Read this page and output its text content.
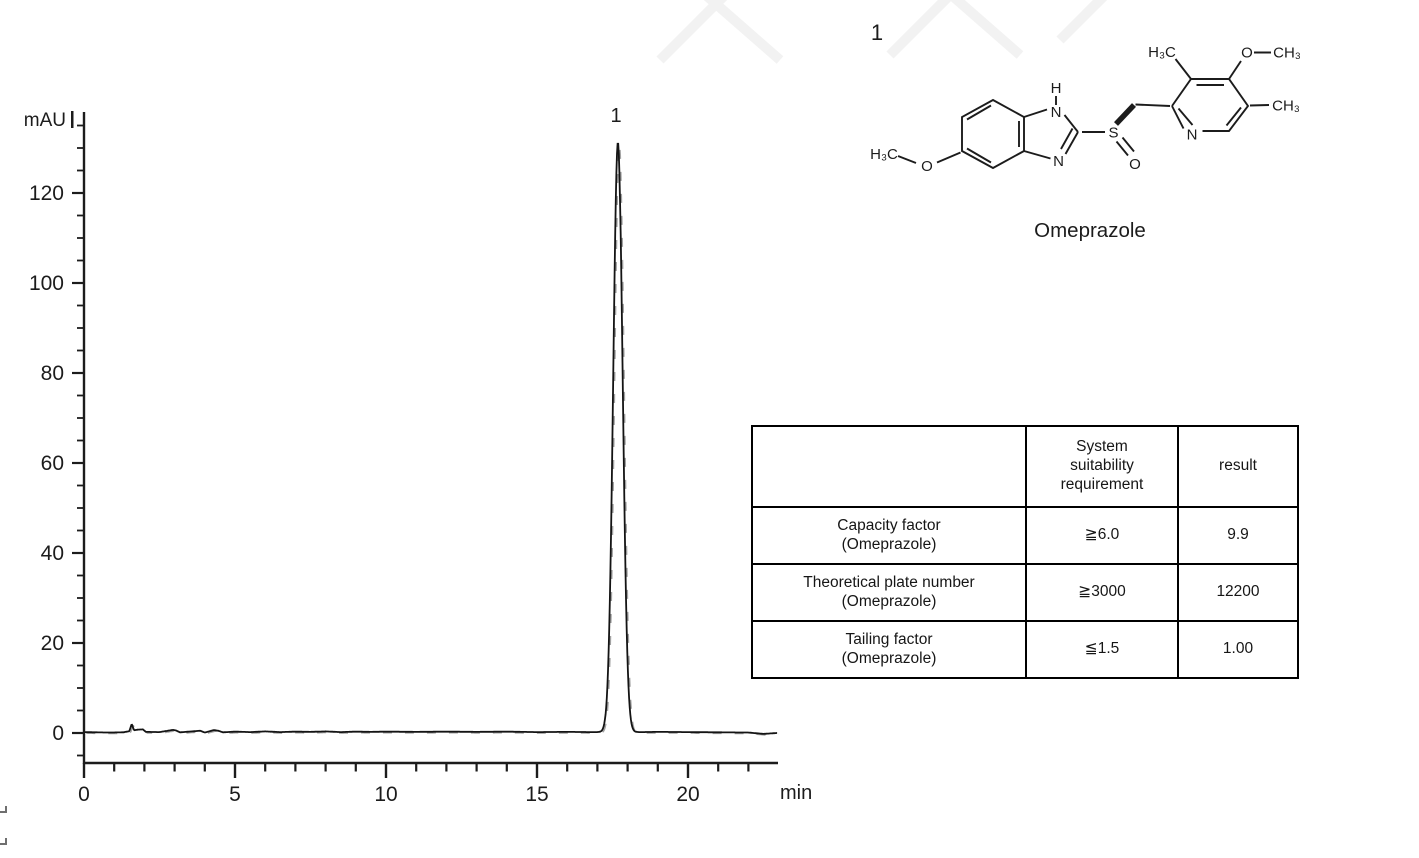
mAU
min
1
0
20
40
60
80
100
120
0	5	10	15	20
1
H₃C
O
H
N
N
S
O
N
H₃C	O CH₃
CH₃
Omeprazole
	System suitability requirement	result

Capacity factor
(Omeprazole)	≧6.0	9.9

Theoretical plate number
(Omeprazole)	≧3000	12200

Tailing factor
(Omeprazole)	≦1.5	1.00
